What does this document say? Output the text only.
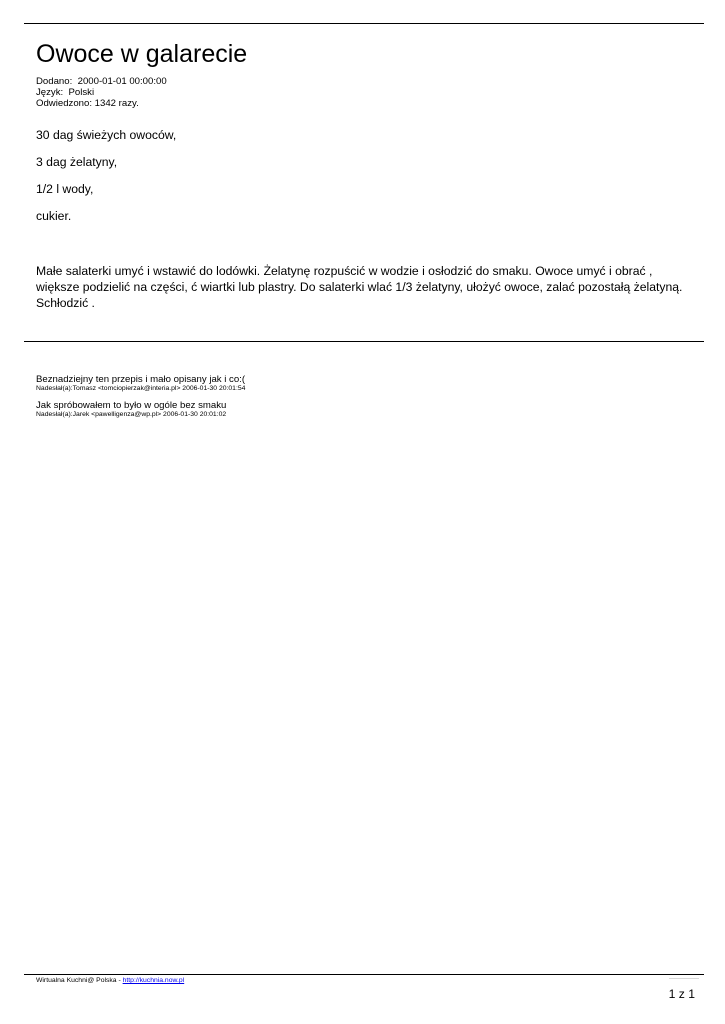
Owoce w galarecie
Dodano:  2000-01-01 00:00:00
Język:  Polski
Odwiedzono: 1342 razy.
30 dag świeżych owoców,
3 dag żelatyny,
1/2 l wody,
cukier.
Małe salaterki umyć i wstawić do lodówki. Żelatynę rozpuścić w wodzie i osłodzić do smaku. Owoce umyć i obrać ,
większe podzielić na części, ć wiartki lub plastry. Do salaterki wlać 1/3 żelatyny, ułożyć owoce, zalać pozostałą żelatyną.
Schłodzić .
Beznadziejny ten przepis i mało opisany jak i co:(
Nadesłał(a):Tomasz <tomciopierzak@interia.pl> 2006-01-30 20:01:54
Jak spróbowałem to było w ogóle bez smaku
Nadesłał(a):Jarek <pawelligenza@wp.pl> 2006-01-30 20:01:02
Wirtualna Kuchni@ Polska - http://kuchnia.now.pl
1 z 1
